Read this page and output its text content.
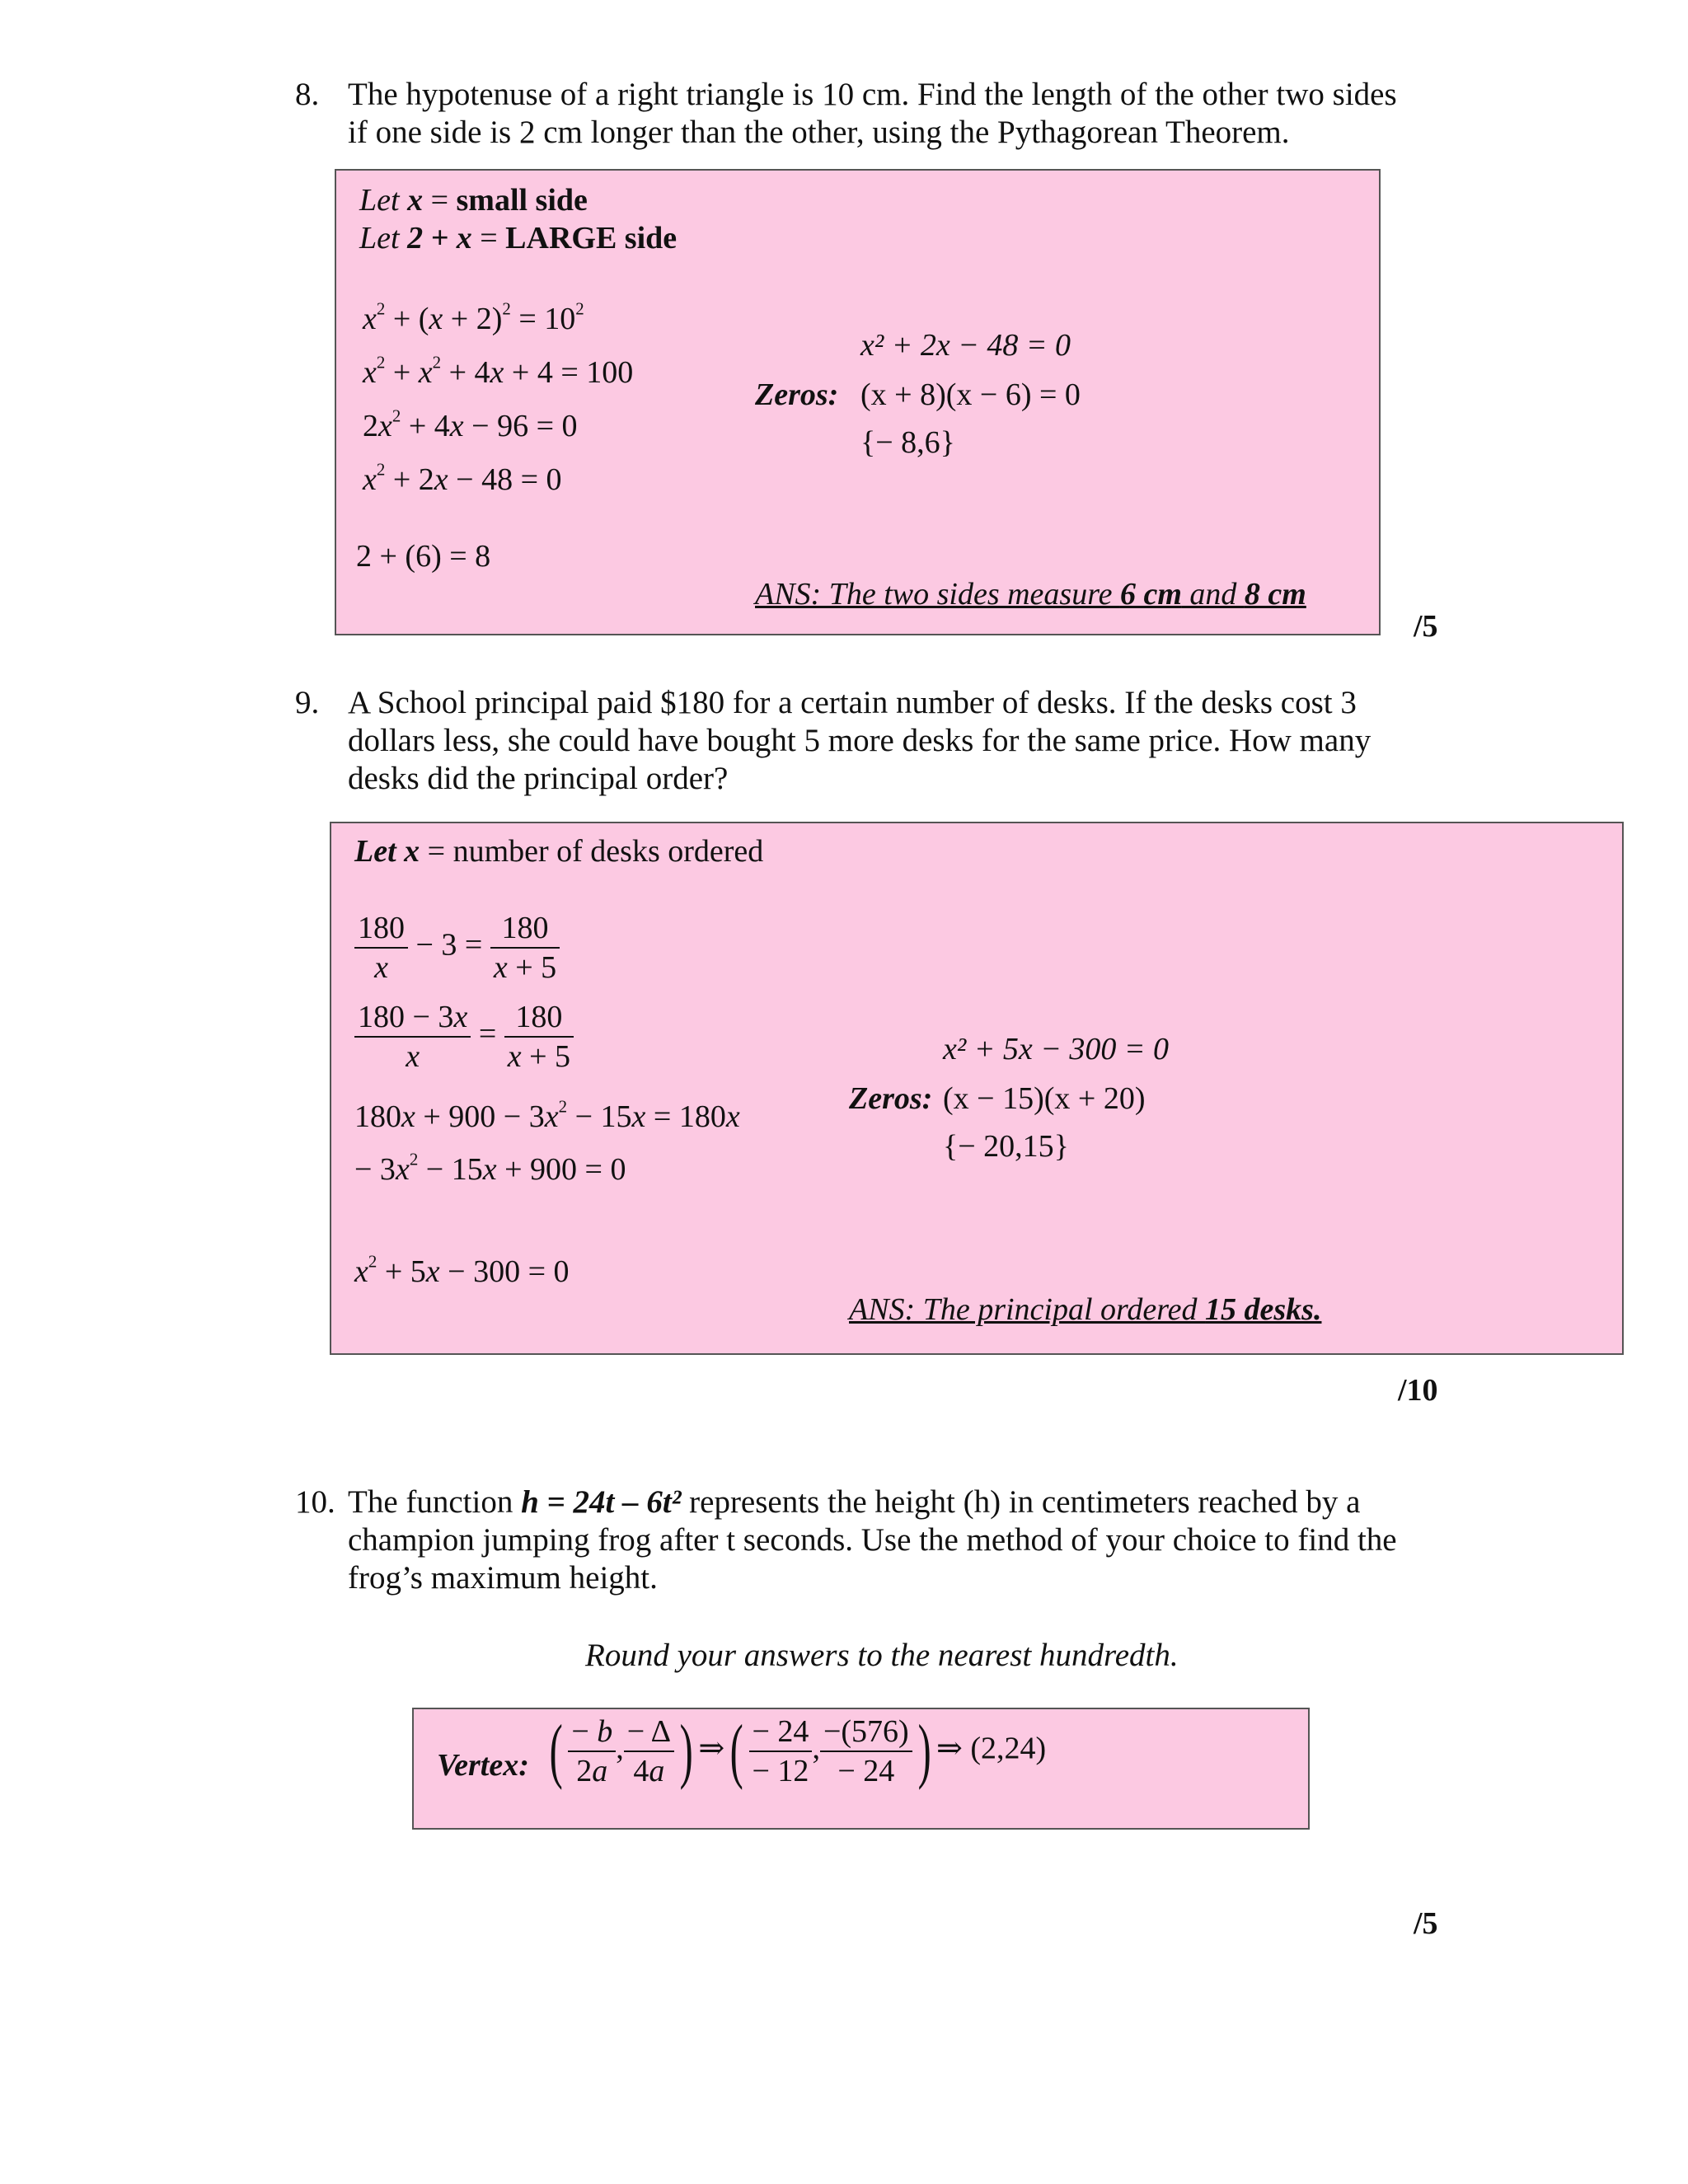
8. The hypotenuse of a right triangle is 10 cm. Find the length of the other two sides
if one side is 2 cm longer than the other, using the Pythagorean Theorem.
Let x = small side
Let 2 + x = LARGE side
$x^2 + (x + 2)^2 = 10^2$
$x^2 + x^2 + 4x + 4 = 100$
$2x^2 + 4x - 96 = 0$
$x^2 + 2x - 48 = 0$
2 + (6) = 8
x² + 2x − 48 = 0
Zeros: (x + 8)(x − 6) = 0
{− 8,6}
ANS: The two sides measure 6 cm and 8 cm
/5
9. A School principal paid $180 for a certain number of desks. If the desks cost 3
dollars less, she could have bought 5 more desks for the same price. How many
desks did the principal order?
Let x = number of desks ordered
$\frac{180}{x} - 3 = \frac{180}{x + 5}$
$\frac{180 - 3x}{x} = \frac{180}{x + 5}$
$180x + 900 - 3x^2 - 15x = 180x$
− $3x^2 - 15x + 900 = 0$
$x^2 + 5x - 300 = 0$
x² + 5x − 300 = 0
Zeros: (x − 15)(x + 20)
{− 20,15}
ANS: The principal ordered 15 desks.
/10
10. The function h = 24t – 6t² represents the height (h) in centimeters reached by a
champion jumping frog after t seconds. Use the method of your choice to find the
frog’s maximum height.
Round your answers to the nearest hundredth.
Vertex: ( $\frac{- b}{2a}$ , $\frac{- \Delta}{4a}$ ) ⇒( $\frac{- 24}{- 12}$ , $\frac{-(576)}{- 24}$ ) ⇒ (2,24)
/5
